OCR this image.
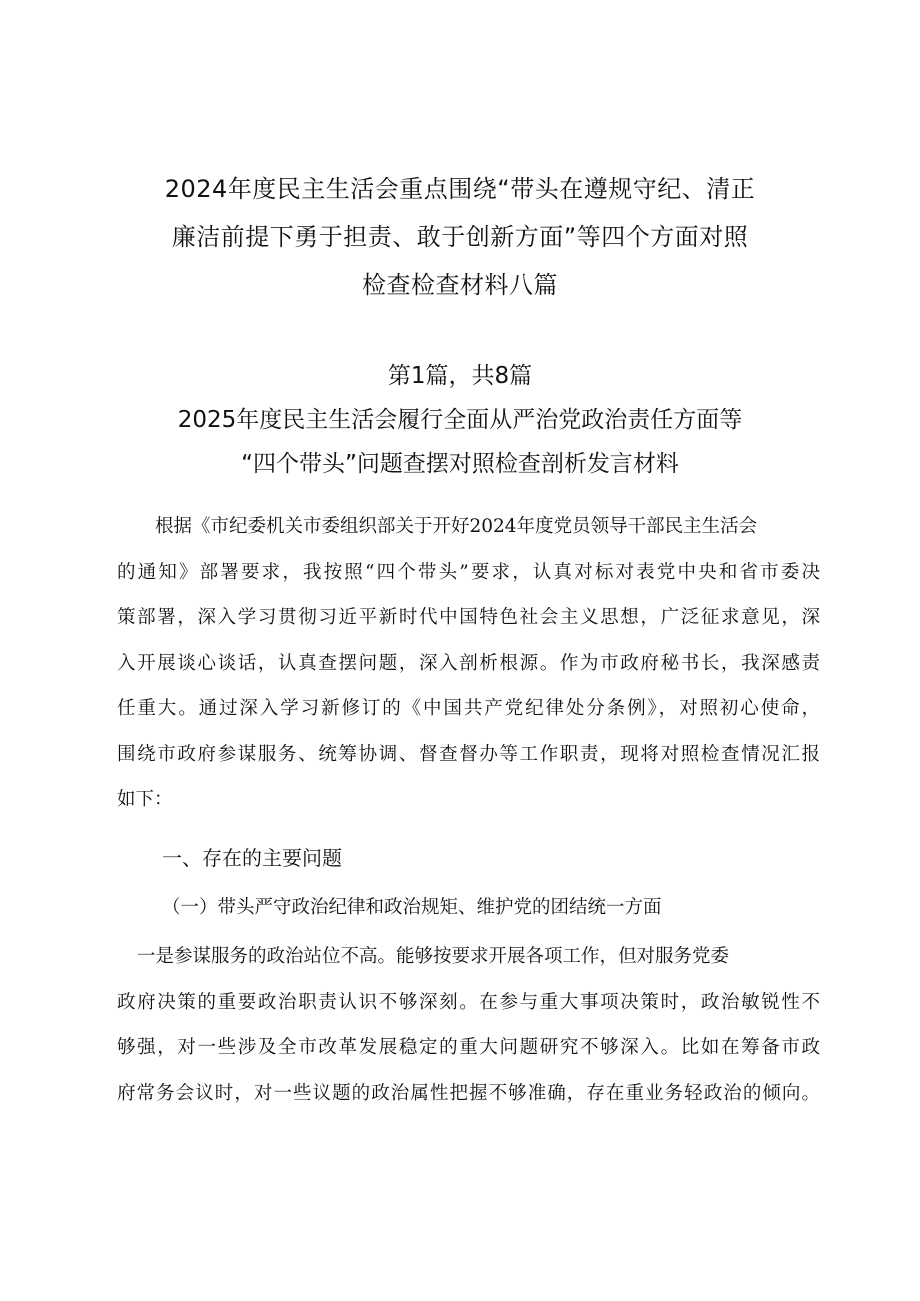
2024年度民主生活会重点围绕“带头在遵规守纪、清正
廉洁前提下勇于担责、敢于创新方面”等四个方面对照
检查检查材料八篇
第1篇，共8篇
2025年度民主生活会履行全面从严治党政治责任方面等
“四个带头”问题查摆对照检查剖析发言材料
根据《市纪委机关市委组织部关于开好2024年度党员领导干部民主生活会
的通知》部署要求，我按照“四个带头”要求，认真对标对表党中央和省市委决
策部署，深入学习贯彻习近平新时代中国特色社会主义思想，广泛征求意见，深
入开展谈心谈话，认真查摆问题，深入剖析根源。作为市政府秘书长，我深感责
任重大。通过深入学习新修订的《中国共产党纪律处分条例》，对照初心使命，
围绕市政府参谋服务、统筹协调、督查督办等工作职责，现将对照检查情况汇报
如下：
一、存在的主要问题
（一）带头严守政治纪律和政治规矩、维护党的团结统一方面
一是参谋服务的政治站位不高。能够按要求开展各项工作，但对服务党委
政府决策的重要政治职责认识不够深刻。在参与重大事项决策时，政治敏锐性不
够强，对一些涉及全市改革发展稳定的重大问题研究不够深入。比如在筹备市政
府常务会议时，对一些议题的政治属性把握不够准确，存在重业务轻政治的倾向。
